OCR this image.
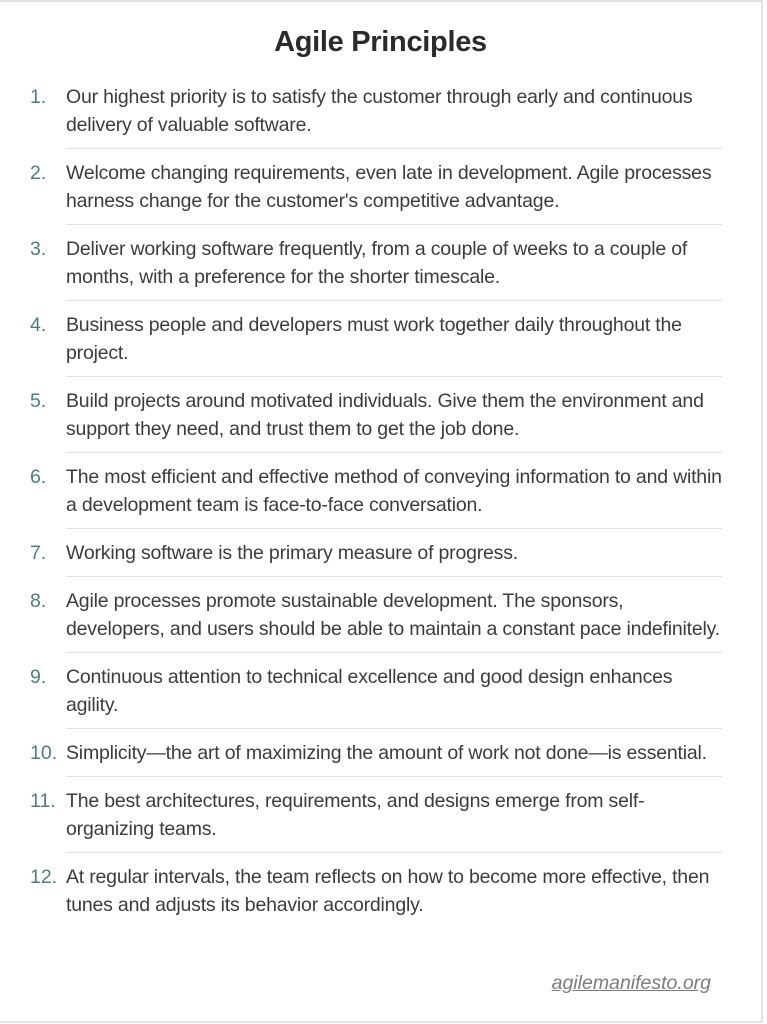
Agile Principles
1.	Our highest priority is to satisfy the customer through early and continuous delivery of valuable software.
2.	Welcome changing requirements, even late in development. Agile processes harness change for the customer's competitive advantage.
3.	Deliver working software frequently, from a couple of weeks to a couple of months, with a preference for the shorter timescale.
4.	Business people and developers must work together daily throughout the project.
5.	Build projects around motivated individuals. Give them the environment and support they need, and trust them to get the job done.
6.	The most efficient and effective method of conveying information to and within a development team is face-to-face conversation.
7.	Working software is the primary measure of progress.
8.	Agile processes promote sustainable development. The sponsors, developers, and users should be able to maintain a constant pace indefinitely.
9.	Continuous attention to technical excellence and good design enhances agility.
10. Simplicity—the art of maximizing the amount of work not done—is essential.
11. The best architectures, requirements, and designs emerge from self-organizing teams.
12. At regular intervals, the team reflects on how to become more effective, then tunes and adjusts its behavior accordingly.
agilemanifesto.org
